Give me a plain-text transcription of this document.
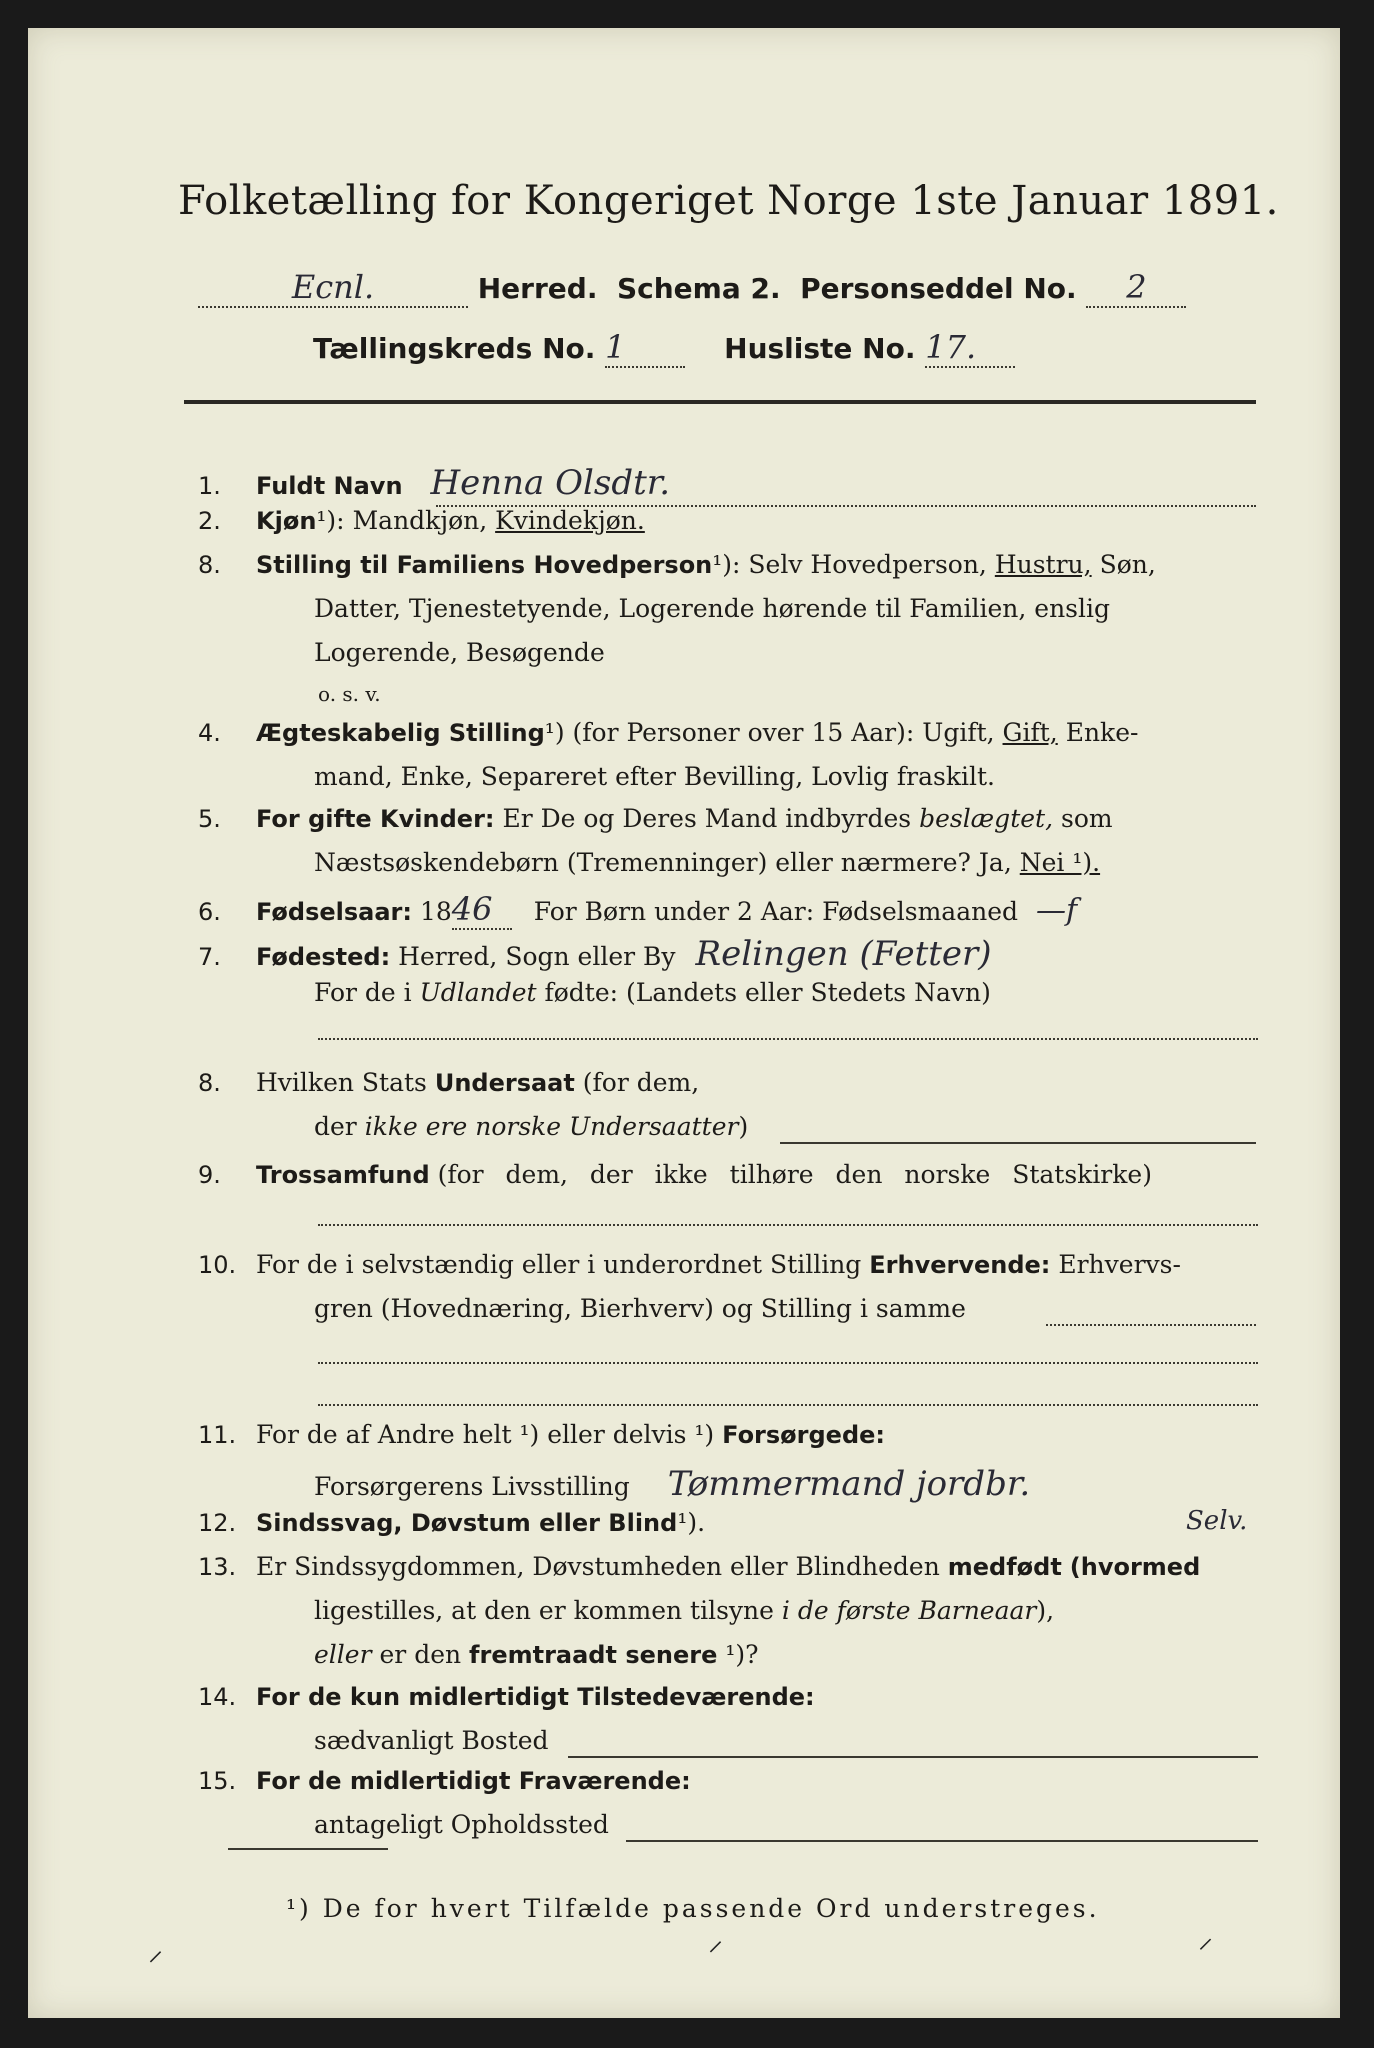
Folketælling for Kongeriget Norge 1ste Januar 1891.
Ecnl.	Herred. Schema 2. Personseddel No. 2
Tællingskreds No. 1	Husliste No. 17.
1. Fuldt Navn Henna Olsdtr.
2. Kjøn¹): Mandkjøn, Kvindekjøn.
8. Stilling til Familiens Hovedperson¹): Selv Hovedperson, Hustru, Søn,
Datter, Tjenestetyende, Logerende hørende til Familien, enslig
Logerende, Besøgende
o. s. v.
4. Ægteskabelig Stilling¹) (for Personer over 15 Aar): Ugift, Gift, Enke-
mand, Enke, Separeret efter Bevilling, Lovlig fraskilt.
5. For gifte Kvinder: Er De og Deres Mand indbyrdes beslægtet, som
Næstsøskendebørn (Tremenninger) eller nærmere? Ja, Nei ¹).
6. Fødselsaar: 1846 For Børn under 2 Aar: Fødselsmaaned —f
7. Fødested: Herred, Sogn eller By Relingen (Fetter)
For de i Udlandet fødte: (Landets eller Stedets Navn)
8. Hvilken Stats Undersaat (for dem,
der ikke ere norske Undersaatter)
9. Trossamfund (for dem, der ikke tilhøre den norske Statskirke)
10. For de i selvstændig eller i underordnet Stilling Erhvervende: Erhvervs-
gren (Hovednæring, Bierhverv) og Stilling i samme
11. For de af Andre helt ¹) eller delvis ¹) Forsørgede:
Forsørgerens Livsstilling Tømmermand jordbr.
Selv.
12. Sindssvag, Døvstum eller Blind¹).
13. Er Sindssygdommen, Døvstumheden eller Blindheden medfødt (hvormed
ligestilles, at den er kommen tilsyne i de første Barneaar),
eller er den fremtraadt senere ¹)?
14. For de kun midlertidigt Tilstedeværende:
sædvanligt Bosted
15. For de midlertidigt Fraværende:
antageligt Opholdssted
¹) De for hvert Tilfælde passende Ord understreges.
⸝	⸝	⸍
